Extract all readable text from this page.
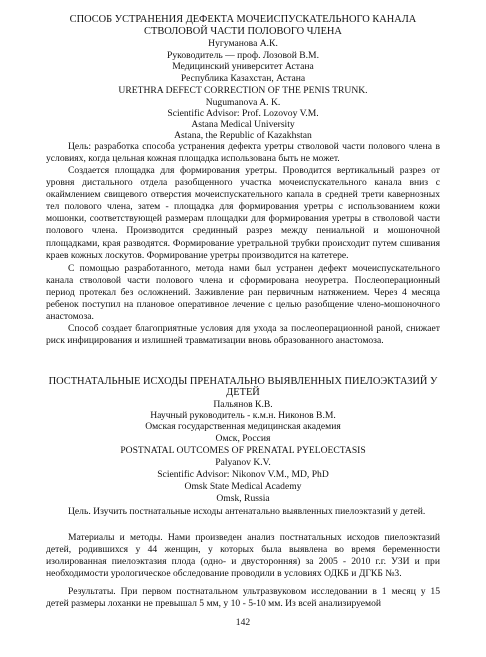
СПОСОБ УСТРАНЕНИЯ ДЕФЕКТА МОЧЕИСПУСКАТЕЛЬНОГО КАНАЛА
СТВОЛОВОЙ ЧАСТИ ПОЛОВОГО ЧЛЕНА
Нугуманова А.К.
Руководитель — проф. Лозовой В.М.
Медицинский университет Астана
Республика Казахстан, Астана
URETHRA DEFECT CORRECTION OF THE PENIS TRUNK.
Nugumanova A. K.
Scientific Advisor: Prof. Lozovoy V.M.
Astana Medical University
Astana, the Republic of Kazakhstan
Цель: разработка способа устранения дефекта уретры стволовой части полового члена в условиях, когда цельная кожная площадка использована быть не может.
Создается площадка для формирования уретры. Проводится вертикальный разрез от уровня дистального отдела разобщенного участка мочеиспускательного канала вниз с окаймлением свищевого отверстия мочеиспускательного капала в средней трети кавернозных тел полового члена, затем - площадка для формирования уретры с использованием кожи мошонки, соответствующей размерам площадки для формирования уретры в стволовой части полового члена. Производится срединный разрез между пениальной и мошоночной площадками, края разводятся. Формирование уретральной трубки происходит путем сшивания краев кожных лоскутов. Формирование уретры производится на катетере.
С помощью разработанного, метода нами был устранен дефект мочеиспускательного канала стволовой части полового члена и сформирована неоуретра. Послеоперационный период протекал без осложнений. Заживление ран первичным натяжением. Через 4 месяца ребенок поступил на плановое оперативное лечение с целью разобщение члено-мошоночного анастомоза.
Способ создает благоприятные условия для ухода за послеоперационной раной, снижает риск инфицирования и излишней травматизации вновь образованного анастомоза.
ПОСТНАТАЛЬНЫЕ ИСХОДЫ ПРЕНАТАЛЬНО ВЫЯВЛЕННЫХ ПИЕЛОЭКТАЗИЙ У
ДЕТЕЙ
Пальянов К.В.
Научный руководитель - к.м.н. Никонов В.М.
Омская государственная медицинская академия
Омск, Россия
POSTNATAL OUTCOMES OF PRENATAL PYELOECTASIS
Palyanov K.V.
Scientific Advisor: Nikonov V.M., MD, PhD
Omsk State Medical Academy
Omsk, Russia
Цель. Изучить постнатальные исходы антенатально выявленных пиелоэктазий у детей.
Материалы и методы. Нами произведен анализ постнатальных исходов пиелоэктазий детей, родившихся у 44 женщин, у которых была выявлена во время беременности изолированная пиелоэктазия плода (одно- и двусторонняя) за 2005 - 2010 г.г. УЗИ и при необходимости урологическое обследование проводили в условиях ОДКБ и ДГКБ №3.
Результаты. При первом постнатальном ультразвуковом исследовании в 1 месяц у 15 детей размеры лоханки не превышал 5 мм, у 10 - 5-10 мм. Из всей анализируемой
142
